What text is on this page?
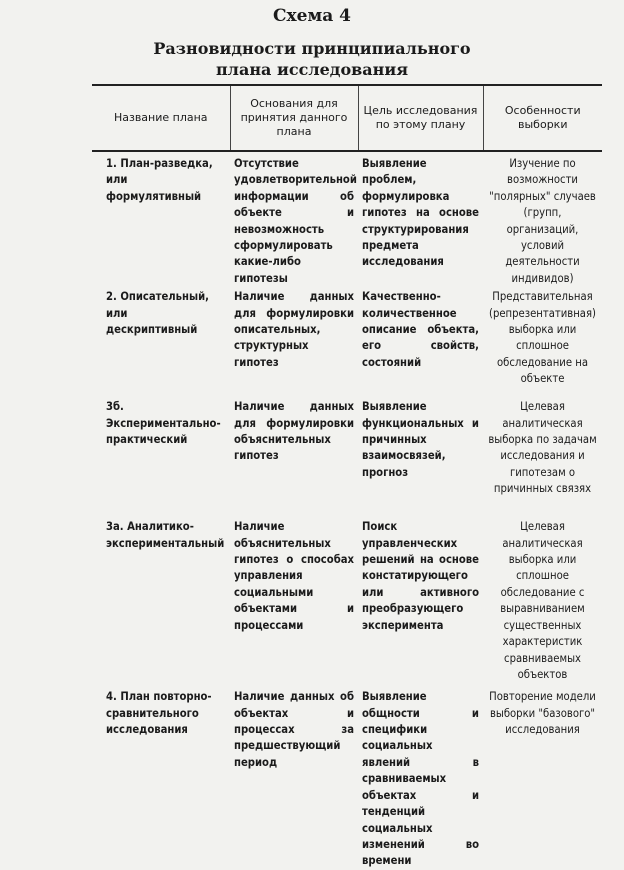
Схема 4
Разновидности принципиального
плана исследования
Название плана	Основания для принятия данного плана	Цель исследования по этому плану	Особенности выборки
1. План-разведка, или формулятивный	Отсутствие удовлетворительной информации об объекте и невозможность сформулировать какие-либо гипотезы	Выявление проблем, формулировка гипотез на основе структурирования предмета исследования	Изучение по возможности "полярных" случаев (групп, организаций, условий деятельности индивидов)
2. Описательный, или дескриптивный	Наличие данных для формулировки описательных, структурных гипотез	Качественно-количественное описание объекта, его свойств, состояний	Представительная (репрезентативная) выборка или сплошное обследование на объекте
3б. Экспериментально-практический	Наличие данных для формулировки объяснительных гипотез	Выявление функциональных и причинных взаимосвязей, прогноз	Целевая аналитическая выборка по задачам исследования и гипотезам о причинных связях
3а. Аналитико-экспериментальный	Наличие объяснительных гипотез о способах управления социальными объектами и процессами	Поиск управленческих решений на основе констатирующего или активного преобразующего эксперимента	Целевая аналитическая выборка или сплошное обследование с выравниванием существенных характеристик сравниваемых объектов
4. План повторно-сравнительного исследования	Наличие данных об объектах и процессах за предшествующий период	Выявление общности и специфики социальных явлений в сравниваемых объектах и тенденций социальных изменений во времени	Повторение модели выборки "базового" исследования
